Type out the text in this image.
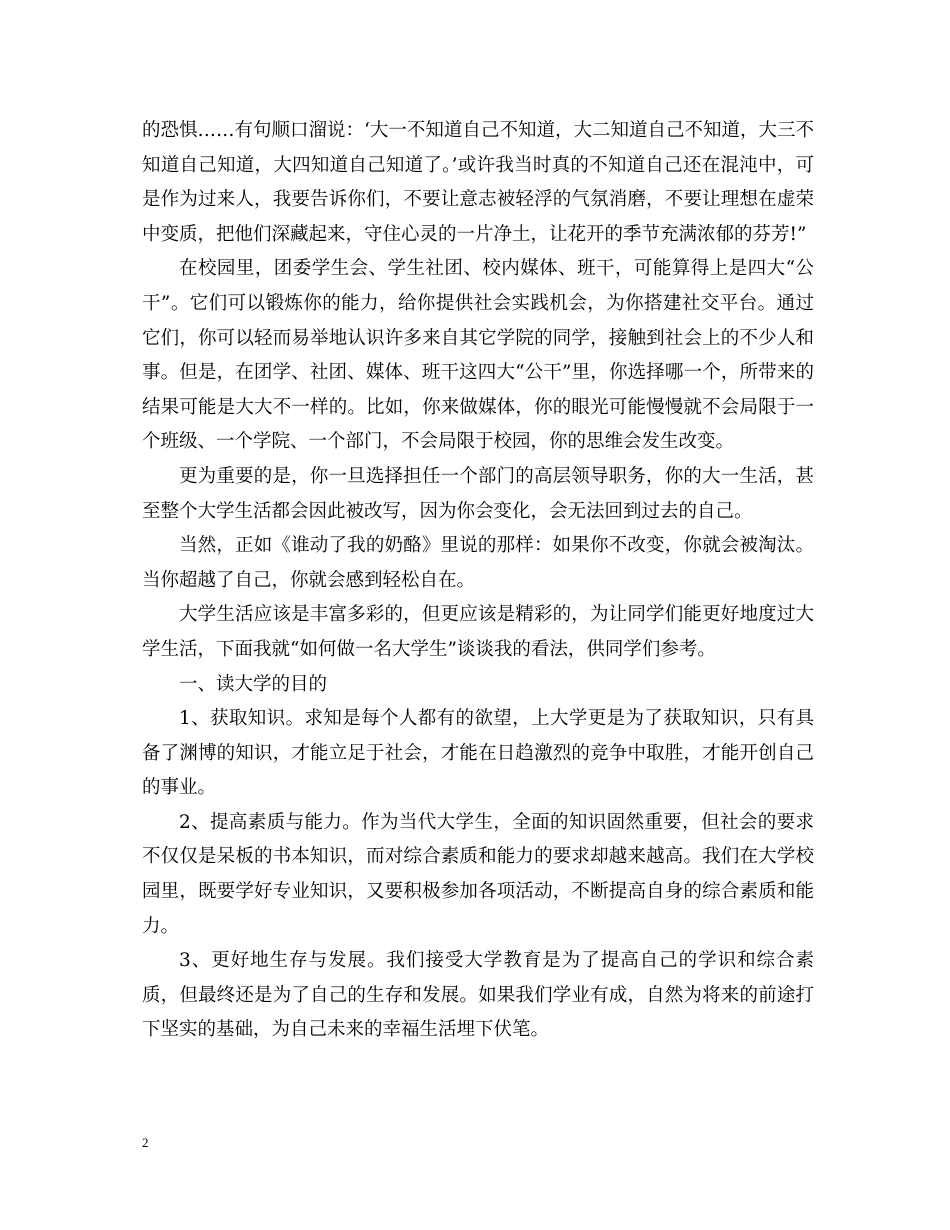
的恐惧……有句顺口溜说：‘大一不知道自己不知道，大二知道自己不知道，大三不知道自己知道，大四知道自己知道了。’或许我当时真的不知道自己还在混沌中，可是作为过来人，我要告诉你们，不要让意志被轻浮的气氛消磨，不要让理想在虚荣中变质，把他们深藏起来，守住心灵的一片净土，让花开的季节充满浓郁的芬芳!”

在校园里，团委学生会、学生社团、校内媒体、班干，可能算得上是四大“公干”。它们可以锻炼你的能力，给你提供社会实践机会，为你搭建社交平台。通过它们，你可以轻而易举地认识许多来自其它学院的同学，接触到社会上的不少人和事。但是，在团学、社团、媒体、班干这四大“公干”里，你选择哪一个，所带来的结果可能是大大不一样的。比如，你来做媒体，你的眼光可能慢慢就不会局限于一个班级、一个学院、一个部门，不会局限于校园，你的思维会发生改变。

更为重要的是，你一旦选择担任一个部门的高层领导职务，你的大一生活，甚至整个大学生活都会因此被改写，因为你会变化，会无法回到过去的自己。

当然，正如《谁动了我的奶酪》里说的那样：如果你不改变，你就会被淘汰。当你超越了自己，你就会感到轻松自在。

大学生活应该是丰富多彩的，但更应该是精彩的，为让同学们能更好地度过大学生活，下面我就“如何做一名大学生”谈谈我的看法，供同学们参考。

一、读大学的目的

1、获取知识。求知是每个人都有的欲望，上大学更是为了获取知识，只有具备了渊博的知识，才能立足于社会，才能在日趋激烈的竞争中取胜，才能开创自己的事业。

2、提高素质与能力。作为当代大学生，全面的知识固然重要，但社会的要求不仅仅是呆板的书本知识，而对综合素质和能力的要求却越来越高。我们在大学校园里，既要学好专业知识，又要积极参加各项活动，不断提高自身的综合素质和能力。

3、更好地生存与发展。我们接受大学教育是为了提高自己的学识和综合素质，但最终还是为了自己的生存和发展。如果我们学业有成，自然为将来的前途打下坚实的基础，为自己未来的幸福生活埋下伏笔。

2
